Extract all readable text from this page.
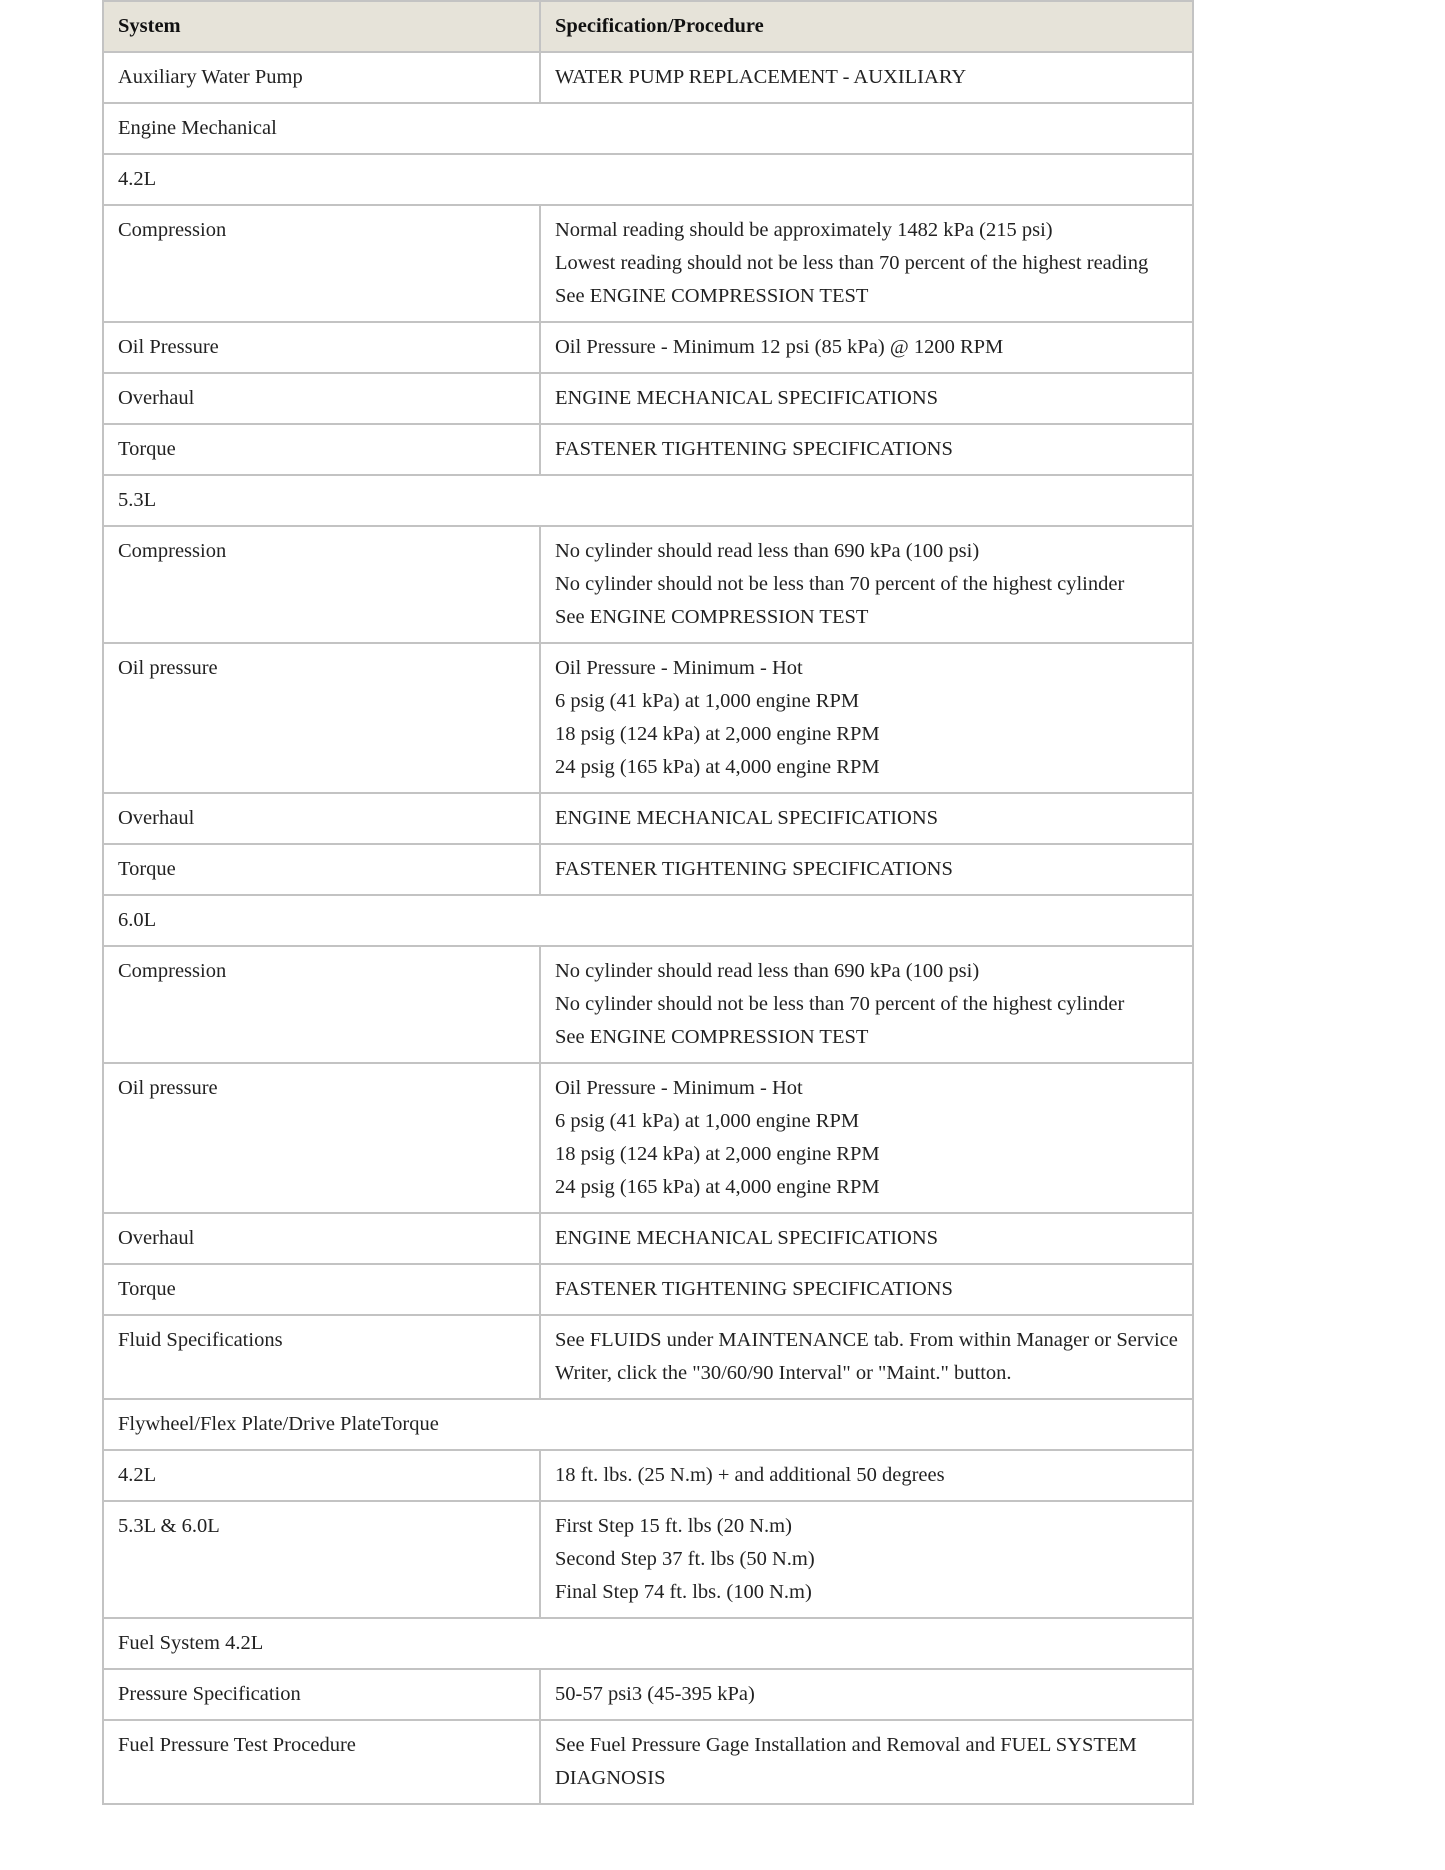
System	Specification/Procedure
Auxiliary Water Pump	WATER PUMP REPLACEMENT - AUXILIARY

Engine Mechanical	
4.2L	
Compression	Normal reading should be approximately 1482 kPa (215 psi)
Lowest reading should not be less than 70 percent of the highest reading
See ENGINE COMPRESSION TEST

Oil Pressure	Oil Pressure - Minimum 12 psi (85 kPa) @ 1200 RPM

Overhaul	ENGINE MECHANICAL SPECIFICATIONS

Torque	FASTENER TIGHTENING SPECIFICATIONS

5.3L	
Compression	No cylinder should read less than 690 kPa (100 psi)
No cylinder should not be less than 70 percent of the highest cylinder
See ENGINE COMPRESSION TEST

Oil pressure	Oil Pressure - Minimum - Hot
6 psig (41 kPa) at 1,000 engine RPM
18 psig (124 kPa) at 2,000 engine RPM
24 psig (165 kPa) at 4,000 engine RPM

Overhaul	ENGINE MECHANICAL SPECIFICATIONS

Torque	FASTENER TIGHTENING SPECIFICATIONS

6.0L	
Compression	No cylinder should read less than 690 kPa (100 psi)
No cylinder should not be less than 70 percent of the highest cylinder
See ENGINE COMPRESSION TEST

Oil pressure	Oil Pressure - Minimum - Hot
6 psig (41 kPa) at 1,000 engine RPM
18 psig (124 kPa) at 2,000 engine RPM
24 psig (165 kPa) at 4,000 engine RPM

Overhaul	ENGINE MECHANICAL SPECIFICATIONS

Torque	FASTENER TIGHTENING SPECIFICATIONS

Fluid Specifications	See FLUIDS under MAINTENANCE tab. From within Manager or Service Writer, click the "30/60/90 Interval" or "Maint." button.

Flywheel/Flex Plate/Drive PlateTorque	
4.2L	18 ft. lbs. (25 N.m) + and additional 50 degrees

5.3L & 6.0L	First Step 15 ft. lbs (20 N.m)
Second Step 37 ft. lbs (50 N.m)
Final Step 74 ft. lbs. (100 N.m)

Fuel System 4.2L	
Pressure Specification	50-57 psi3 (45-395 kPa)

Fuel Pressure Test Procedure	See Fuel Pressure Gage Installation and Removal and FUEL SYSTEM DIAGNOSIS
